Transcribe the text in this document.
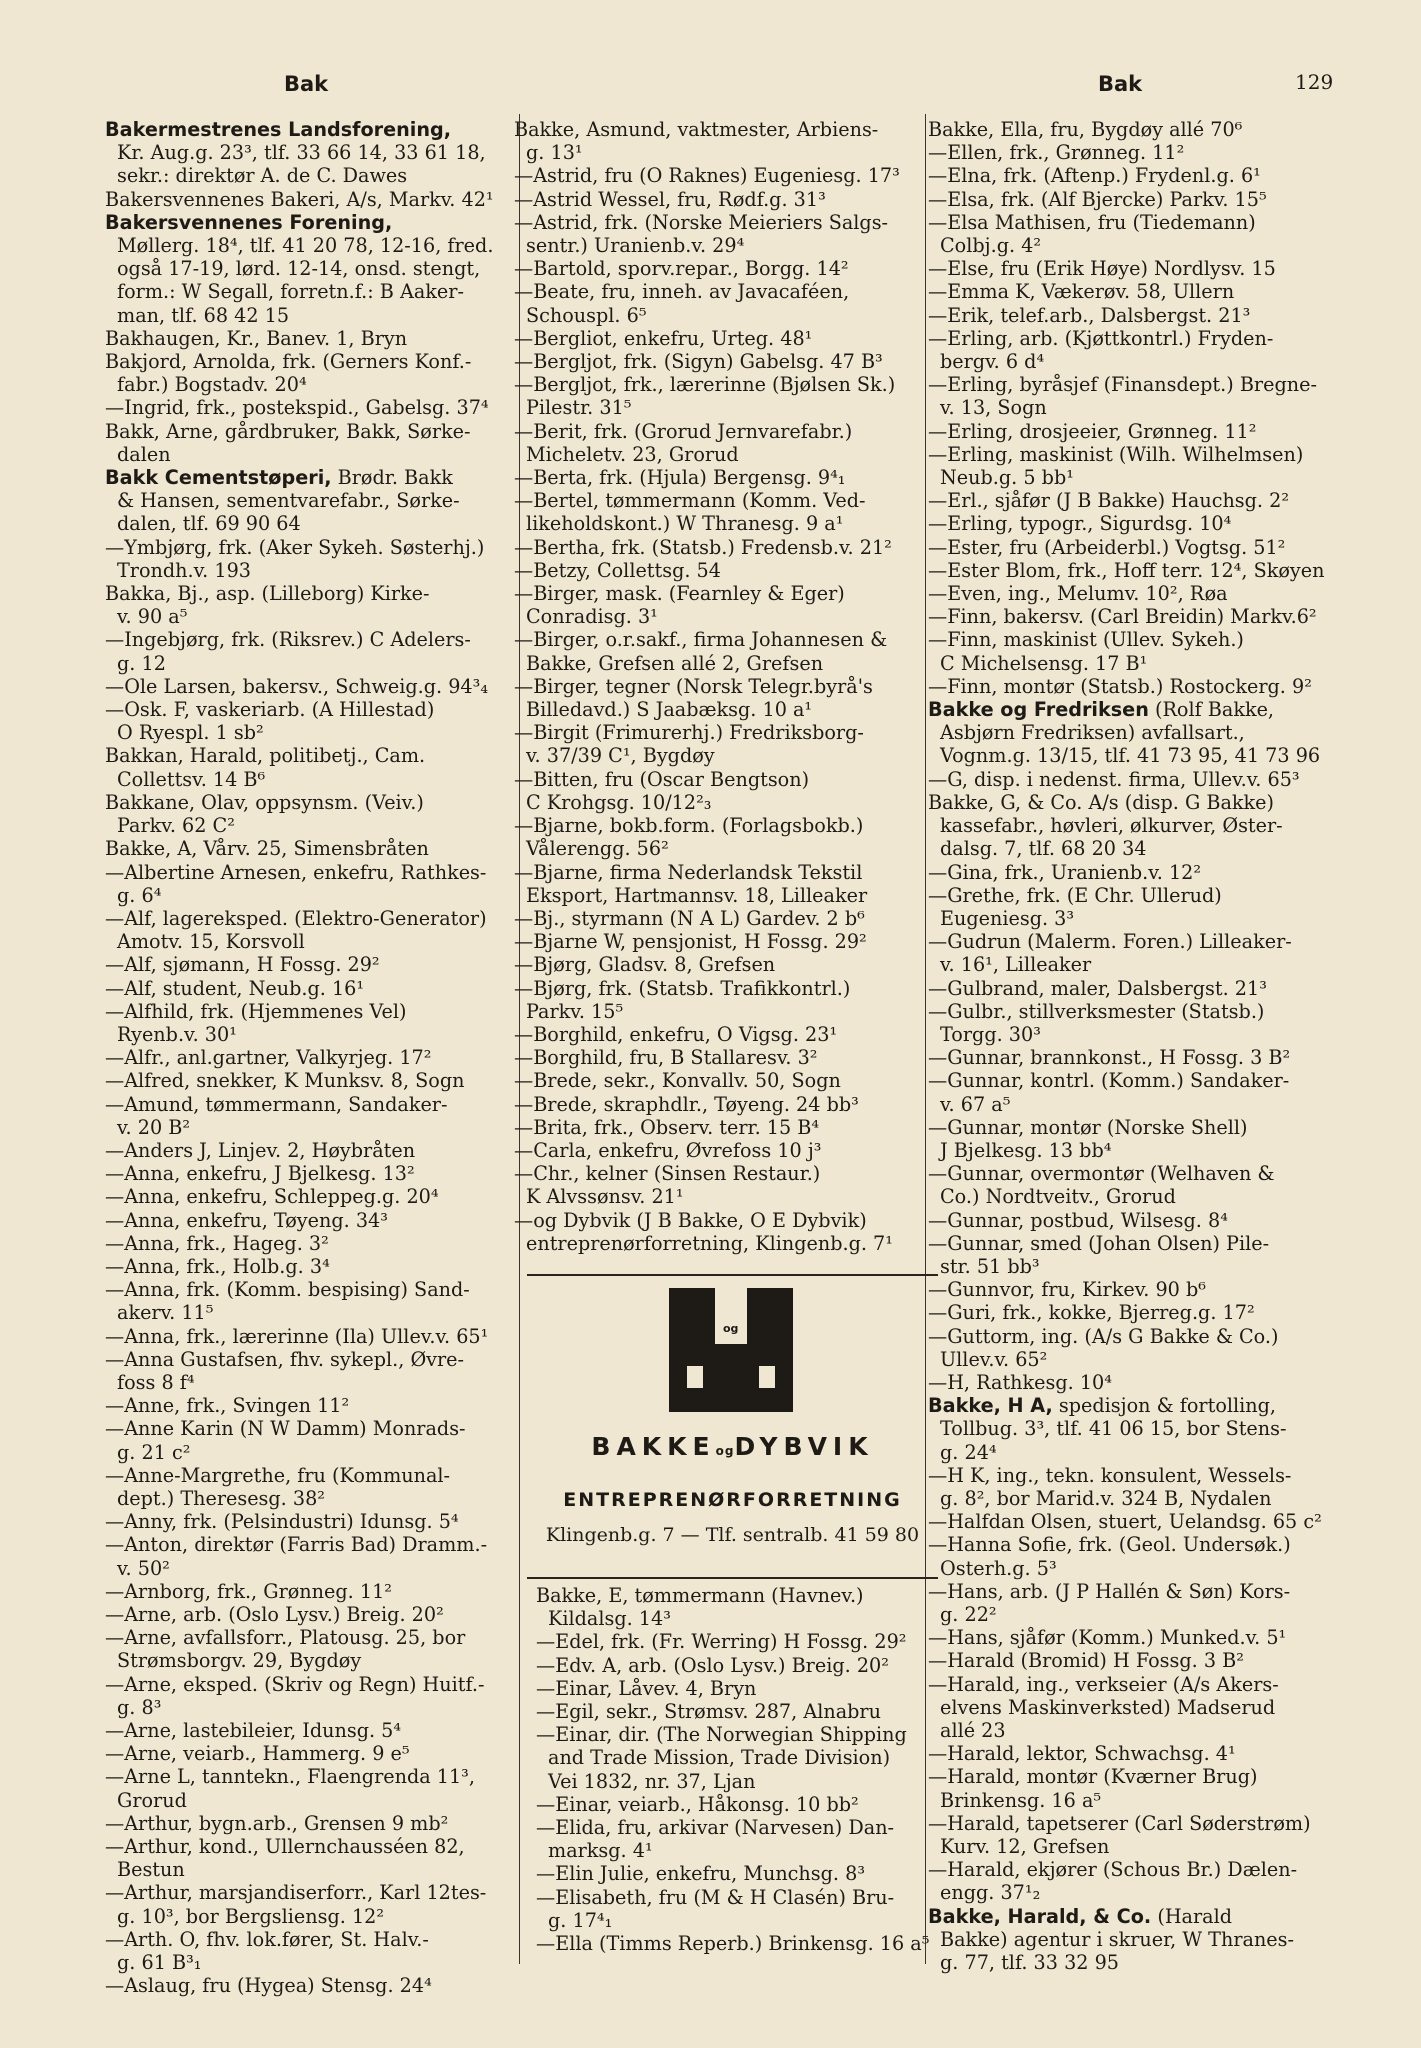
Bak	Bak	129
Bakermestrenes Landsforening,
Kr. Aug.g. 23³, tlf. 33 66 14, 33 61 18,
sekr.: direktør A. de C. Dawes
Bakersvennenes Bakeri, A/s, Markv. 42¹
Bakersvennenes Forening,
Møllerg. 18⁴, tlf. 41 20 78, 12-16, fred.
også 17-19, lørd. 12-14, onsd. stengt,
form.: W Segall, forretn.f.: B Aaker-
man, tlf. 68 42 15
Bakhaugen, Kr., Banev. 1, Bryn
Bakjord, Arnolda, frk. (Gerners Konf.-
fabr.) Bogstadv. 20⁴
—Ingrid, frk., postekspid., Gabelsg. 37⁴
Bakk, Arne, gårdbruker, Bakk, Sørke-
dalen
Bakk Cementstøperi, Brødr. Bakk
& Hansen, sementvarefabr., Sørke-
dalen, tlf. 69 90 64
—Ymbjørg, frk. (Aker Sykeh. Søsterhj.)
Trondh.v. 193
Bakka, Bj., asp. (Lilleborg) Kirke-
v. 90 a⁵
—Ingebjørg, frk. (Riksrev.) C Adelers-
g. 12
—Ole Larsen, bakersv., Schweig.g. 94³₄
—Osk. F, vaskeriarb. (A Hillestad)
O Ryespl. 1 sb²
Bakkan, Harald, politibetj., Cam.
Collettsv. 14 B⁶
Bakkane, Olav, oppsynsm. (Veiv.)
Parkv. 62 C²
Bakke, A, Vårv. 25, Simensbråten
—Albertine Arnesen, enkefru, Rathkes-
g. 6⁴
—Alf, lagereksped. (Elektro-Generator)
Amotv. 15, Korsvoll
—Alf, sjømann, H Fossg. 29²
—Alf, student, Neub.g. 16¹
—Alfhild, frk. (Hjemmenes Vel)
Ryenb.v. 30¹
—Alfr., anl.gartner, Valkyrjeg. 17²
—Alfred, snekker, K Munksv. 8, Sogn
—Amund, tømmermann, Sandaker-
v. 20 B²
—Anders J, Linjev. 2, Høybråten
—Anna, enkefru, J Bjelkesg. 13²
—Anna, enkefru, Schleppeg.g. 20⁴
—Anna, enkefru, Tøyeng. 34³
—Anna, frk., Hageg. 3²
—Anna, frk., Holb.g. 3⁴
—Anna, frk. (Komm. bespising) Sand-
akerv. 11⁵
—Anna, frk., lærerinne (Ila) Ullev.v. 65¹
—Anna Gustafsen, fhv. sykepl., Øvre-
foss 8 f⁴
—Anne, frk., Svingen 11²
—Anne Karin (N W Damm) Monrads-
g. 21 c²
—Anne-Margrethe, fru (Kommunal-
dept.) Theresesg. 38²
—Anny, frk. (Pelsindustri) Idunsg. 5⁴
—Anton, direktør (Farris Bad) Dramm.-
v. 50²
—Arnborg, frk., Grønneg. 11²
—Arne, arb. (Oslo Lysv.) Breig. 20²
—Arne, avfallsforr., Platousg. 25, bor
Strømsborgv. 29, Bygdøy
—Arne, eksped. (Skriv og Regn) Huitf.-
g. 8³
—Arne, lastebileier, Idunsg. 5⁴
—Arne, veiarb., Hammerg. 9 e⁵
—Arne L, tanntekn., Flaengrenda 11³,
Grorud
—Arthur, bygn.arb., Grensen 9 mb²
—Arthur, kond., Ullernchausséen 82,
Bestun
—Arthur, marsjandiserforr., Karl 12tes-
g. 10³, bor Bergsliensg. 12²
—Arth. O, fhv. lok.fører, St. Halv.-
g. 61 B³₁
—Aslaug, fru (Hygea) Stensg. 24⁴
Bakke, Asmund, vaktmester, Arbiens-
g. 13¹
—Astrid, fru (O Raknes) Eugeniesg. 17³
—Astrid Wessel, fru, Rødf.g. 31³
—Astrid, frk. (Norske Meieriers Salgs-
sentr.) Uranienb.v. 29⁴
—Bartold, sporv.repar., Borgg. 14²
—Beate, fru, inneh. av Javacaféen,
Schouspl. 6⁵
—Bergliot, enkefru, Urteg. 48¹
—Bergljot, frk. (Sigyn) Gabelsg. 47 B³
—Bergljot, frk., lærerinne (Bjølsen Sk.)
Pilestr. 31⁵
—Berit, frk. (Grorud Jernvarefabr.)
Micheletv. 23, Grorud
—Berta, frk. (Hjula) Bergensg. 9⁴₁
—Bertel, tømmermann (Komm. Ved-
likeholdskont.) W Thranesg. 9 a¹
—Bertha, frk. (Statsb.) Fredensb.v. 21²
—Betzy, Collettsg. 54
—Birger, mask. (Fearnley & Eger)
Conradisg. 3¹
—Birger, o.r.sakf., firma Johannesen &
Bakke, Grefsen allé 2, Grefsen
—Birger, tegner (Norsk Telegr.byrå's
Billedavd.) S Jaabæksg. 10 a¹
—Birgit (Frimurerhj.) Fredriksborg-
v. 37/39 C¹, Bygdøy
—Bitten, fru (Oscar Bengtson)
C Krohgsg. 10/12²₃
—Bjarne, bokb.form. (Forlagsbokb.)
Vålerengg. 56²
—Bjarne, firma Nederlandsk Tekstil
Eksport, Hartmannsv. 18, Lilleaker
—Bj., styrmann (N A L) Gardev. 2 b⁶
—Bjarne W, pensjonist, H Fossg. 29²
—Bjørg, Gladsv. 8, Grefsen
—Bjørg, frk. (Statsb. Trafikkontrl.)
Parkv. 15⁵
—Borghild, enkefru, O Vigsg. 23¹
—Borghild, fru, B Stallaresv. 3²
—Brede, sekr., Konvallv. 50, Sogn
—Brede, skraphdlr., Tøyeng. 24 bb³
—Brita, frk., Observ. terr. 15 B⁴
—Carla, enkefru, Øvrefoss 10 j³
—Chr., kelner (Sinsen Restaur.)
K Alvssønsv. 21¹
—og Dybvik (J B Bakke, O E Dybvik)
entreprenørforretning, Klingenb.g. 7¹
og
BAKKEogDYBVIK
ENTREPRENØRFORRETNING
Klingenb.g. 7 — Tlf. sentralb. 41 59 80
Bakke, E, tømmermann (Havnev.)
Kildalsg. 14³
—Edel, frk. (Fr. Werring) H Fossg. 29²
—Edv. A, arb. (Oslo Lysv.) Breig. 20²
—Einar, Låvev. 4, Bryn
—Egil, sekr., Strømsv. 287, Alnabru
—Einar, dir. (The Norwegian Shipping
and Trade Mission, Trade Division)
Vei 1832, nr. 37, Ljan
—Einar, veiarb., Håkonsg. 10 bb²
—Elida, fru, arkivar (Narvesen) Dan-
marksg. 4¹
—Elin Julie, enkefru, Munchsg. 8³
—Elisabeth, fru (M & H Clasén) Bru-
g. 17⁴₁
—Ella (Timms Reperb.) Brinkensg. 16 a⁵
Bakke, Ella, fru, Bygdøy allé 70⁶
—Ellen, frk., Grønneg. 11²
—Elna, frk. (Aftenp.) Frydenl.g. 6¹
—Elsa, frk. (Alf Bjercke) Parkv. 15⁵
—Elsa Mathisen, fru (Tiedemann)
Colbj.g. 4²
—Else, fru (Erik Høye) Nordlysv. 15
—Emma K, Vækerøv. 58, Ullern
—Erik, telef.arb., Dalsbergst. 21³
—Erling, arb. (Kjøttkontrl.) Fryden-
bergv. 6 d⁴
—Erling, byråsjef (Finansdept.) Bregne-
v. 13, Sogn
—Erling, drosjeeier, Grønneg. 11²
—Erling, maskinist (Wilh. Wilhelmsen)
Neub.g. 5 bb¹
—Erl., sjåfør (J B Bakke) Hauchsg. 2²
—Erling, typogr., Sigurdsg. 10⁴
—Ester, fru (Arbeiderbl.) Vogtsg. 51²
—Ester Blom, frk., Hoff terr. 12⁴, Skøyen
—Even, ing., Melumv. 10², Røa
—Finn, bakersv. (Carl Breidin) Markv.6²
—Finn, maskinist (Ullev. Sykeh.)
C Michelsensg. 17 B¹
—Finn, montør (Statsb.) Rostockerg. 9²
Bakke og Fredriksen (Rolf Bakke,
Asbjørn Fredriksen) avfallsart.,
Vognm.g. 13/15, tlf. 41 73 95, 41 73 96
—G, disp. i nedenst. firma, Ullev.v. 65³
Bakke, G, & Co. A/s (disp. G Bakke)
kassefabr., høvleri, ølkurver, Øster-
dalsg. 7, tlf. 68 20 34
—Gina, frk., Uranienb.v. 12²
—Grethe, frk. (E Chr. Ullerud)
Eugeniesg. 3³
—Gudrun (Malerm. Foren.) Lilleaker-
v. 16¹, Lilleaker
—Gulbrand, maler, Dalsbergst. 21³
—Gulbr., stillverksmester (Statsb.)
Torgg. 30³
—Gunnar, brannkonst., H Fossg. 3 B²
—Gunnar, kontrl. (Komm.) Sandaker-
v. 67 a⁵
—Gunnar, montør (Norske Shell)
J Bjelkesg. 13 bb⁴
—Gunnar, overmontør (Welhaven &
Co.) Nordtveitv., Grorud
—Gunnar, postbud, Wilsesg. 8⁴
—Gunnar, smed (Johan Olsen) Pile-
str. 51 bb³
—Gunnvor, fru, Kirkev. 90 b⁶
—Guri, frk., kokke, Bjerreg.g. 17²
—Guttorm, ing. (A/s G Bakke & Co.)
Ullev.v. 65²
—H, Rathkesg. 10⁴
Bakke, H A, spedisjon & fortolling,
Tollbug. 3³, tlf. 41 06 15, bor Stens-
g. 24⁴
—H K, ing., tekn. konsulent, Wessels-
g. 8², bor Marid.v. 324 B, Nydalen
—Halfdan Olsen, stuert, Uelandsg. 65 c²
—Hanna Sofie, frk. (Geol. Undersøk.)
Osterh.g. 5³
—Hans, arb. (J P Hallén & Søn) Kors-
g. 22²
—Hans, sjåfør (Komm.) Munked.v. 5¹
—Harald (Bromid) H Fossg. 3 B²
—Harald, ing., verkseier (A/s Akers-
elvens Maskinverksted) Madserud
allé 23
—Harald, lektor, Schwachsg. 4¹
—Harald, montør (Kværner Brug)
Brinkensg. 16 a⁵
—Harald, tapetserer (Carl Søderstrøm)
Kurv. 12, Grefsen
—Harald, ekjører (Schous Br.) Dælen-
engg. 37¹₂
Bakke, Harald, & Co. (Harald
Bakke) agentur i skruer, W Thranes-
g. 77, tlf. 33 32 95
